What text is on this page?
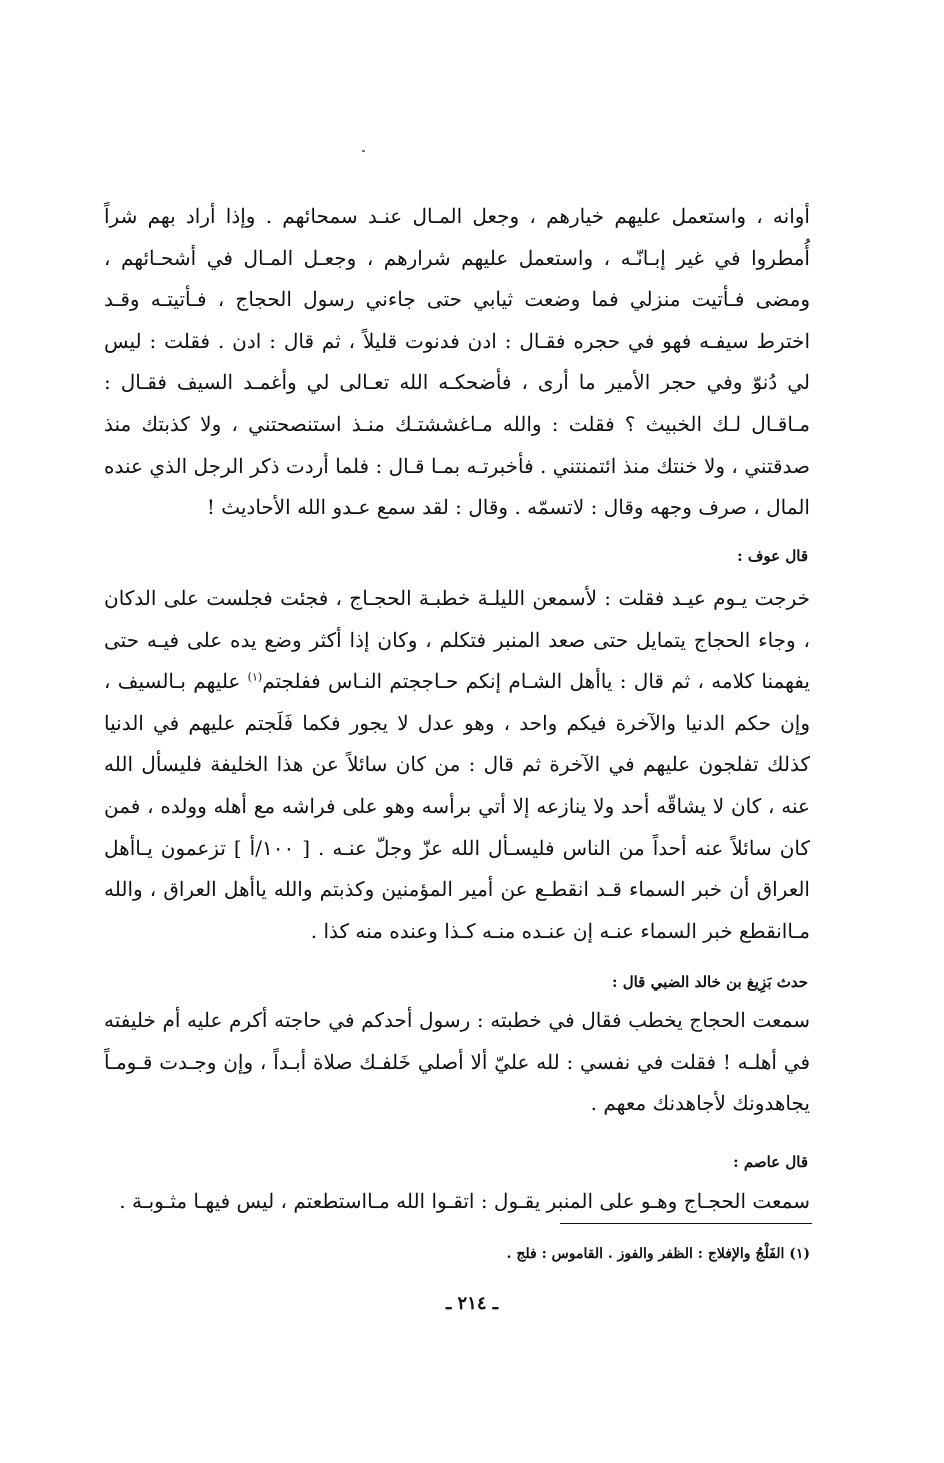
أوانه ، واستعمل عليهم خيارهم ، وجعل المـال عنـد سمحائهم . وإذا أراد بهم شراً أُمطروا في غير إبـانّـه ، واستعمل عليهم شرارهم ، وجعـل المـال في أشحـائهم ، ومضى فـأتيت منزلي فما وضعت ثيابي حتى جاءني رسول الحجاج ، فـأتيتـه وقـد اخترط سيفـه فهو في حجره فقـال : ادن فدنوت قليلاً ، ثم قال : ادن . فقلت : ليس لي دُنوّ وفي حجر الأمير ما أرى ، فأضحكـه الله تعـالى لي وأغمـد السيف فقـال : مـاقـال لـك الخبيث ؟ فقلت : والله مـاغششتـك منـذ استنصحتني ، ولا كذبتك منذ صدقتني ، ولا خنتك منذ ائتمنتني . فأخبرتـه بمـا قـال : فلما أردت ذكر الرجل الذي عنده المال ، صرف وجهه وقال : لاتسمّه . وقال : لقد سمع عـدو الله الأحاديث !

قال عوف :

خرجت يـوم عيـد فقلت : لأسمعن الليلـة خطبـة الحجـاج ، فجئت فجلست على الدكان ، وجاء الحجاج يتمايل حتى صعد المنبر فتكلم ، وكان إذا أكثر وضع يده على فيـه حتى يفهمنا كلامه ، ثم قال : ياأهل الشـام إنكم حـاججتم النـاس ففلجتم$^{(١)}$ عليهم بـالسيف ، وإن حكم الدنيا والآخرة فيكم واحد ، وهو عدل لا يجور فكما فَلَجتم عليهم في الدنيا كذلك تفلجون عليهم في الآخرة ثم قال : من كان سائلاً عن هذا الخليفة فليسأل الله عنه ، كان لا يشاقّه أحد ولا ينازعه إلا أتي برأسه وهو على فراشه مع أهله وولده ، فمن كان سائلاً عنه أحداً من الناس فليسـأل الله عزّ وجلّ عنـه . [ ١٠٠/أ ] تزعمون يـاأهل العراق أن خبر السماء قـد انقطـع عن أمير المؤمنين وكذبتم والله ياأهل العراق ، والله مـاانقطع خبر السماء عنـه إن عنـده منـه كـذا وعنده منه كذا .

حدث بَزِيغ بن خالد الضبي قال :

سمعت الحجاج يخطب فقال في خطبته : رسول أحدكم في حاجته أكرم عليه أم خليفته في أهلـه ! فقلت في نفسي : لله عليّ ألا أصلي خَلفـك صلاة أبـداً ، وإن وجـدت قـومـاً يجاهدونك لأجاهدنك معهم .

قال عاصم :

سمعت الحجـاج وهـو على المنبر يقـول : اتقـوا الله مـااستطعتم ، ليس فيهـا مثـوبـة .

(١) الفَلْجُ والإفلاج : الظفر والفوز . القاموس : فلج .

ـ ٢١٤ ـ
